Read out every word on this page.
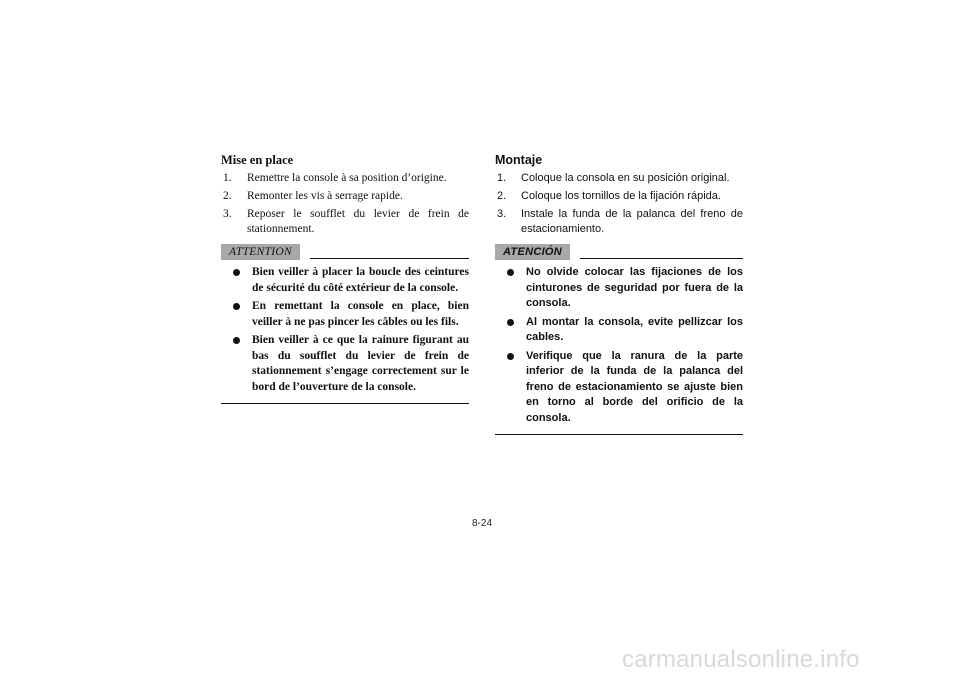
Mise en place
1.	Remettre la console à sa position d’origine.
2.	Remonter les vis à serrage rapide.
3.	Reposer le soufflet du levier de frein de stationnement.
ATTENTION
Bien veiller à placer la boucle des ceintures de sécurité du côté extérieur de la console.
En remettant la console en place, bien veiller à ne pas pincer les câbles ou les fils.
Bien veiller à ce que la rainure figurant au bas du soufflet du levier de frein de stationnement s’engage correctement sur le bord de l’ouverture de la console.
Montaje
1.	Coloque la consola en su posición original.
2.	Coloque los tornillos de la fijación rápida.
3.	Instale la funda de la palanca del freno de estacionamiento.
ATENCIÓN
No olvide colocar las fijaciones de los cinturones de seguridad por fuera de la consola.
Al montar la consola, evite pellizcar los cables.
Verifique que la ranura de la parte inferior de la funda de la palanca del freno de estacionamiento se ajuste bien en torno al borde del orificio de la consola.
8-24
carmanualsonline.info
